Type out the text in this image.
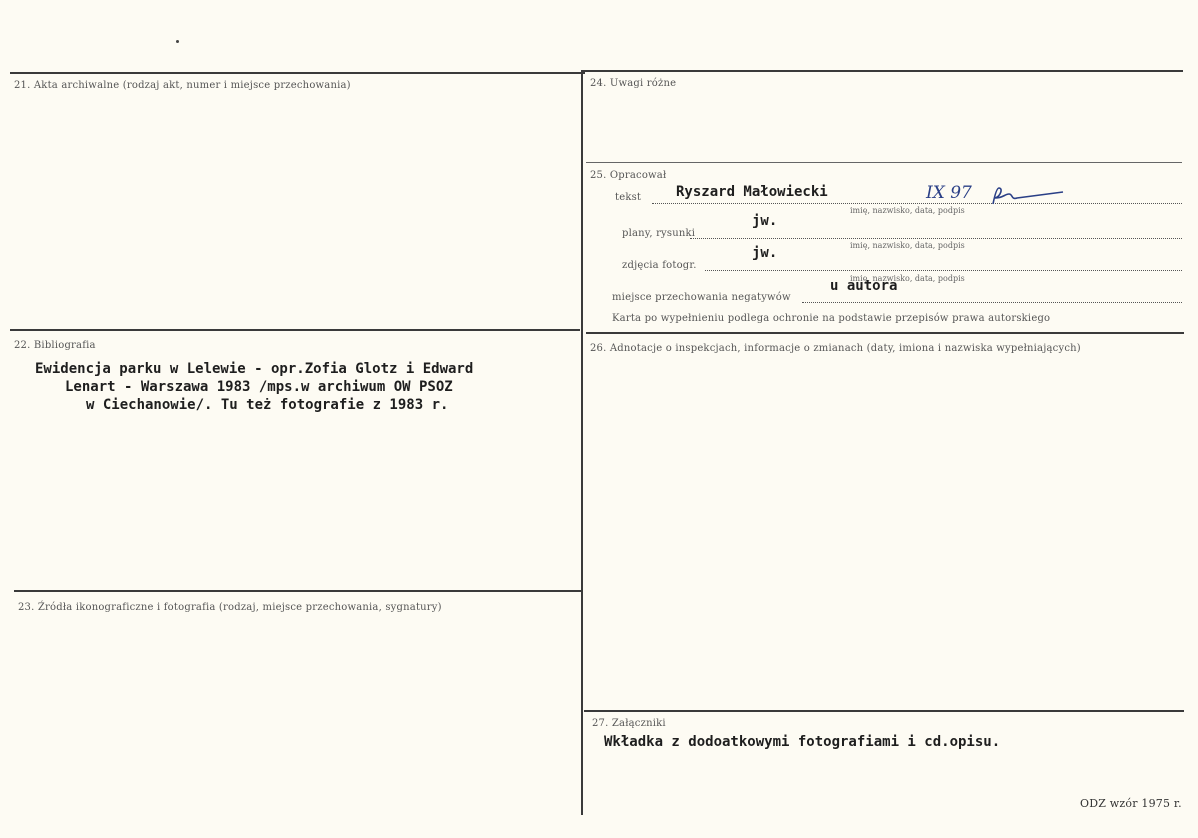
21. Akta archiwalne (rodzaj akt, numer i miejsce przechowania)
22. Bibliografia
Ewidencja parku w Lelewie - opr.Zofia Glotz i Edward
Lenart - Warszawa 1983 /mps.w archiwum OW PSOZ
w Ciechanowie/. Tu też fotografie z 1983 r.
23. Źródła ikonograficzne i fotografia (rodzaj, miejsce przechowania, sygnatury)
24. Uwagi różne
25. Opracował
tekst Ryszard Małowiecki	IX 97
imię, nazwisko, data, podpis
jw.
plany, rysunki
imię, nazwisko, data, podpis
jw.
zdjęcia fotogr.
imię, nazwisko, data, podpis
u autora
miejsce przechowania negatywów
Karta po wypełnieniu podlega ochronie na podstawie przepisów prawa autorskiego
26. Adnotacje o inspekcjach, informacje o zmianach (daty, imiona i nazwiska wypełniających)
27. Załączniki
Wkładka z dodoatkowymi fotografiami i cd.opisu.
ODZ wzór 1975 r.
